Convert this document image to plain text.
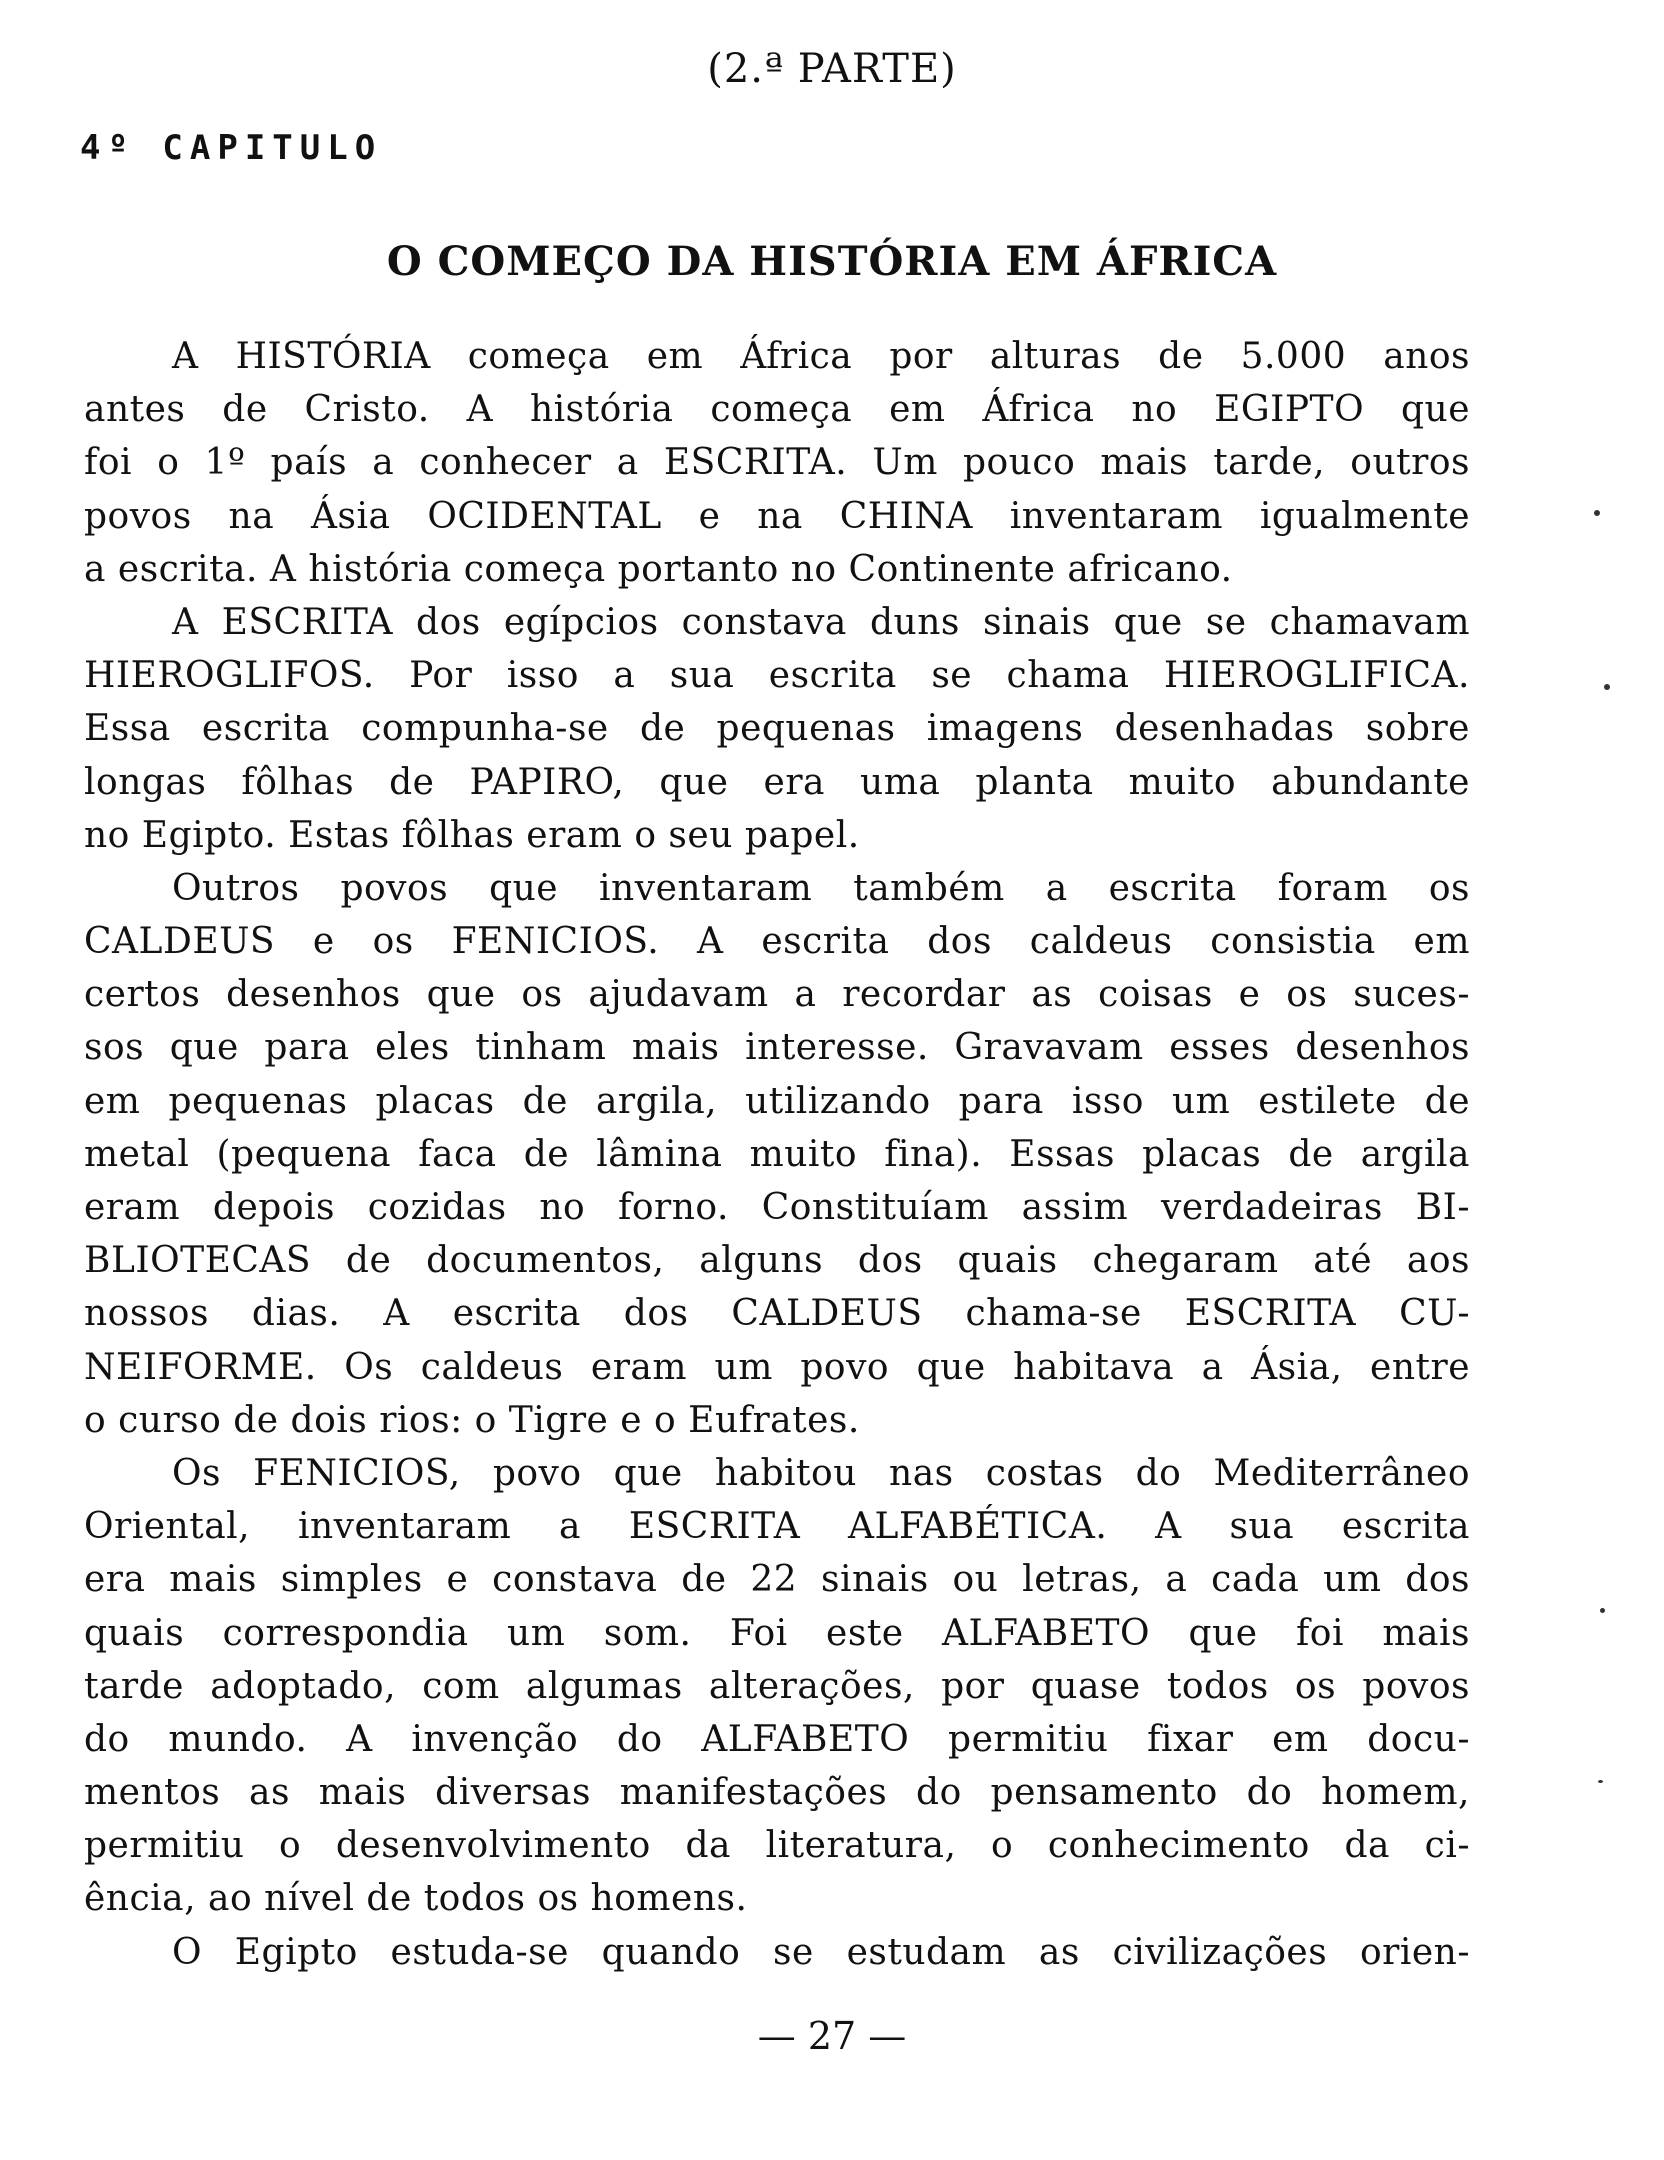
(2.ª PARTE)
4º CAPITULO
O COMEÇO DA HISTÓRIA EM ÁFRICA
A HISTÓRIA começa em África por alturas de 5.000 anos
antes de Cristo. A história começa em África no EGIPTO que
foi o 1º país a conhecer a ESCRITA. Um pouco mais tarde, outros
povos na Ásia OCIDENTAL e na CHINA inventaram igualmente
a escrita. A história começa portanto no Continente africano.
A ESCRITA dos egípcios constava duns sinais que se chamavam
HIEROGLIFOS. Por isso a sua escrita se chama HIEROGLIFICA.
Essa escrita compunha-se de pequenas imagens desenhadas sobre
longas fôlhas de PAPIRO, que era uma planta muito abundante
no Egipto. Estas fôlhas eram o seu papel.
Outros povos que inventaram também a escrita foram os
CALDEUS e os FENICIOS. A escrita dos caldeus consistia em
certos desenhos que os ajudavam a recordar as coisas e os suces-
sos que para eles tinham mais interesse. Gravavam esses desenhos
em pequenas placas de argila, utilizando para isso um estilete de
metal (pequena faca de lâmina muito fina). Essas placas de argila
eram depois cozidas no forno. Constituíam assim verdadeiras BI-
BLIOTECAS de documentos, alguns dos quais chegaram até aos
nossos dias. A escrita dos CALDEUS chama-se ESCRITA CU-
NEIFORME. Os caldeus eram um povo que habitava a Ásia, entre
o curso de dois rios: o Tigre e o Eufrates.
Os FENICIOS, povo que habitou nas costas do Mediterrâneo
Oriental, inventaram a ESCRITA ALFABÉTICA. A sua escrita
era mais simples e constava de 22 sinais ou letras, a cada um dos
quais correspondia um som. Foi este ALFABETO que foi mais
tarde adoptado, com algumas alterações, por quase todos os povos
do mundo. A invenção do ALFABETO permitiu fixar em docu-
mentos as mais diversas manifestações do pensamento do homem,
permitiu o desenvolvimento da literatura, o conhecimento da ci-
ência, ao nível de todos os homens.
O Egipto estuda-se quando se estudam as civilizações orien-
— 27 —
